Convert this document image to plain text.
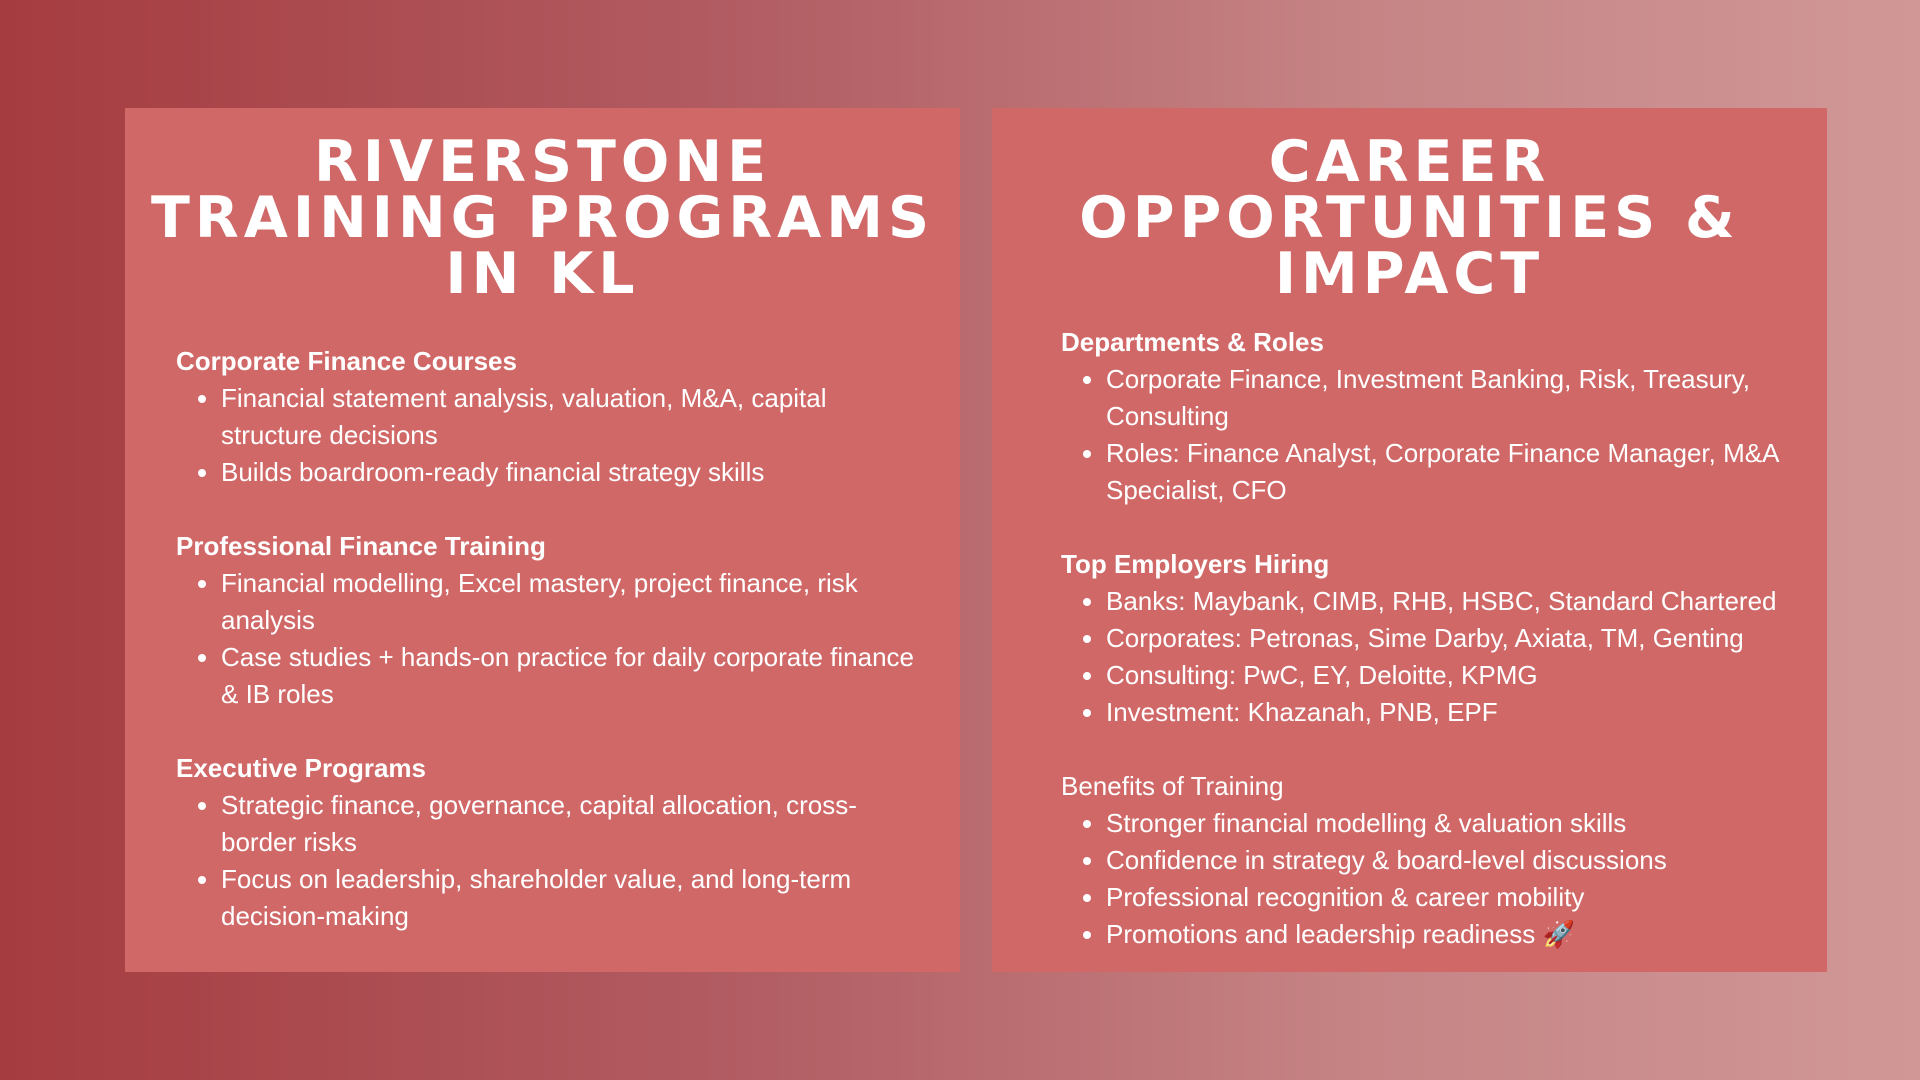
RIVERSTONE
TRAINING PROGRAMS
IN KL
Corporate Finance Courses
• Financial statement analysis, valuation, M&A, capital structure decisions
• Builds boardroom-ready financial strategy skills
Professional Finance Training
• Financial modelling, Excel mastery, project finance, risk analysis
• Case studies + hands-on practice for daily corporate finance & IB roles
Executive Programs
• Strategic finance, governance, capital allocation, cross-border risks
• Focus on leadership, shareholder value, and long-term decision-making
CAREER
OPPORTUNITIES &
IMPACT
Departments & Roles
• Corporate Finance, Investment Banking, Risk, Treasury, Consulting
• Roles: Finance Analyst, Corporate Finance Manager, M&A Specialist, CFO
Top Employers Hiring
• Banks: Maybank, CIMB, RHB, HSBC, Standard Chartered
• Corporates: Petronas, Sime Darby, Axiata, TM, Genting
• Consulting: PwC, EY, Deloitte, KPMG
• Investment: Khazanah, PNB, EPF
Benefits of Training
• Stronger financial modelling & valuation skills
• Confidence in strategy & board-level discussions
• Professional recognition & career mobility
• Promotions and leadership readiness 🚀
